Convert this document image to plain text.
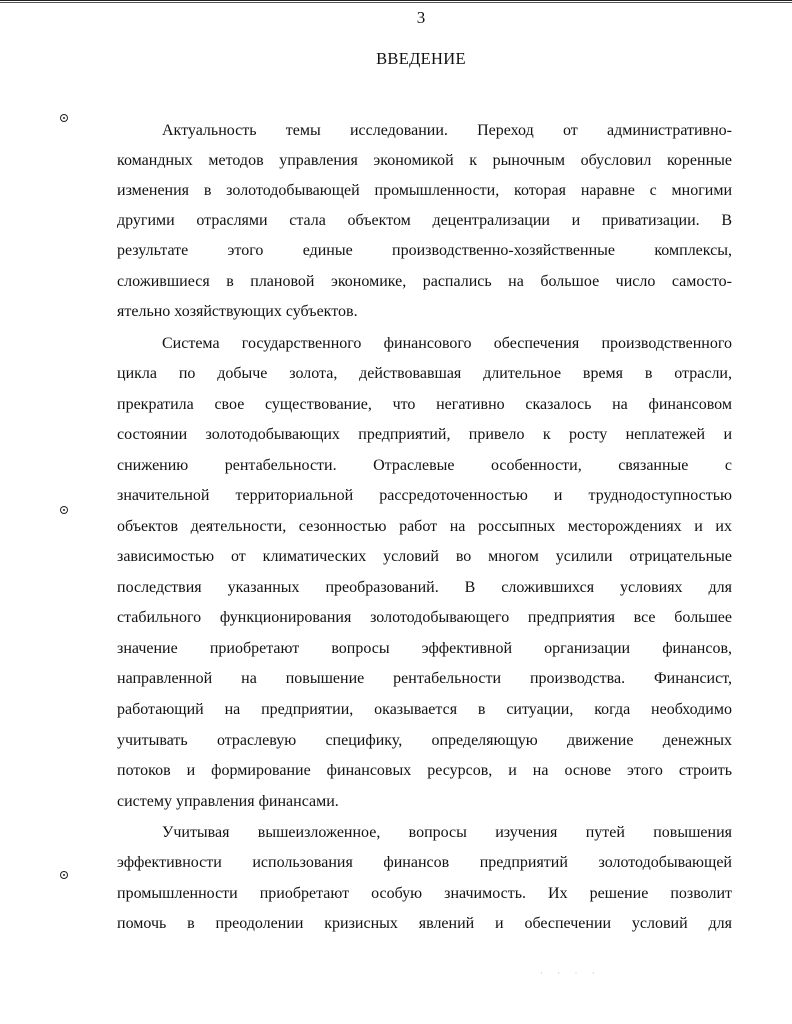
3
ВВЕДЕНИЕ
Актуальность темы исследовании. Переход от административно-
командных методов управления экономикой к рыночным обусловил коренные
изменения в золотодобывающей промышленности, которая наравне с многими
другими отраслями стала объектом децентрализации и приватизации. В
результате этого единые производственно-хозяйственные комплексы,
сложившиеся в плановой экономике, распались на большое число самосто-
ятельно хозяйствующих субъектов.
Система государственного финансового обеспечения производственного
цикла по добыче золота, действовавшая длительное время в отрасли,
прекратила свое существование, что негативно сказалось на финансовом
состоянии золотодобывающих предприятий, привело к росту неплатежей и
снижению рентабельности. Отраслевые особенности, связанные с
значительной территориальной рассредоточенностью и труднодоступностью
объектов деятельности, сезонностью работ на россыпных месторождениях и их
зависимостью от климатических условий во многом усилили отрицательные
последствия указанных преобразований. В сложившихся условиях для
стабильного функционирования золотодобывающего предприятия все большее
значение приобретают вопросы эффективной организации финансов,
направленной на повышение рентабельности производства. Финансист,
работающий на предприятии, оказывается в ситуации, когда необходимо
учитывать отраслевую специфику, определяющую движение денежных
потоков и формирование финансовых ресурсов, и на основе этого строить
систему управления финансами.
Учитывая вышеизложенное, вопросы изучения путей повышения
эффективности использования финансов предприятий золотодобывающей
промышленности приобретают особую значимость. Их решение позволит
помочь в преодолении кризисных явлений и обеспечении условий для
· · · ·
